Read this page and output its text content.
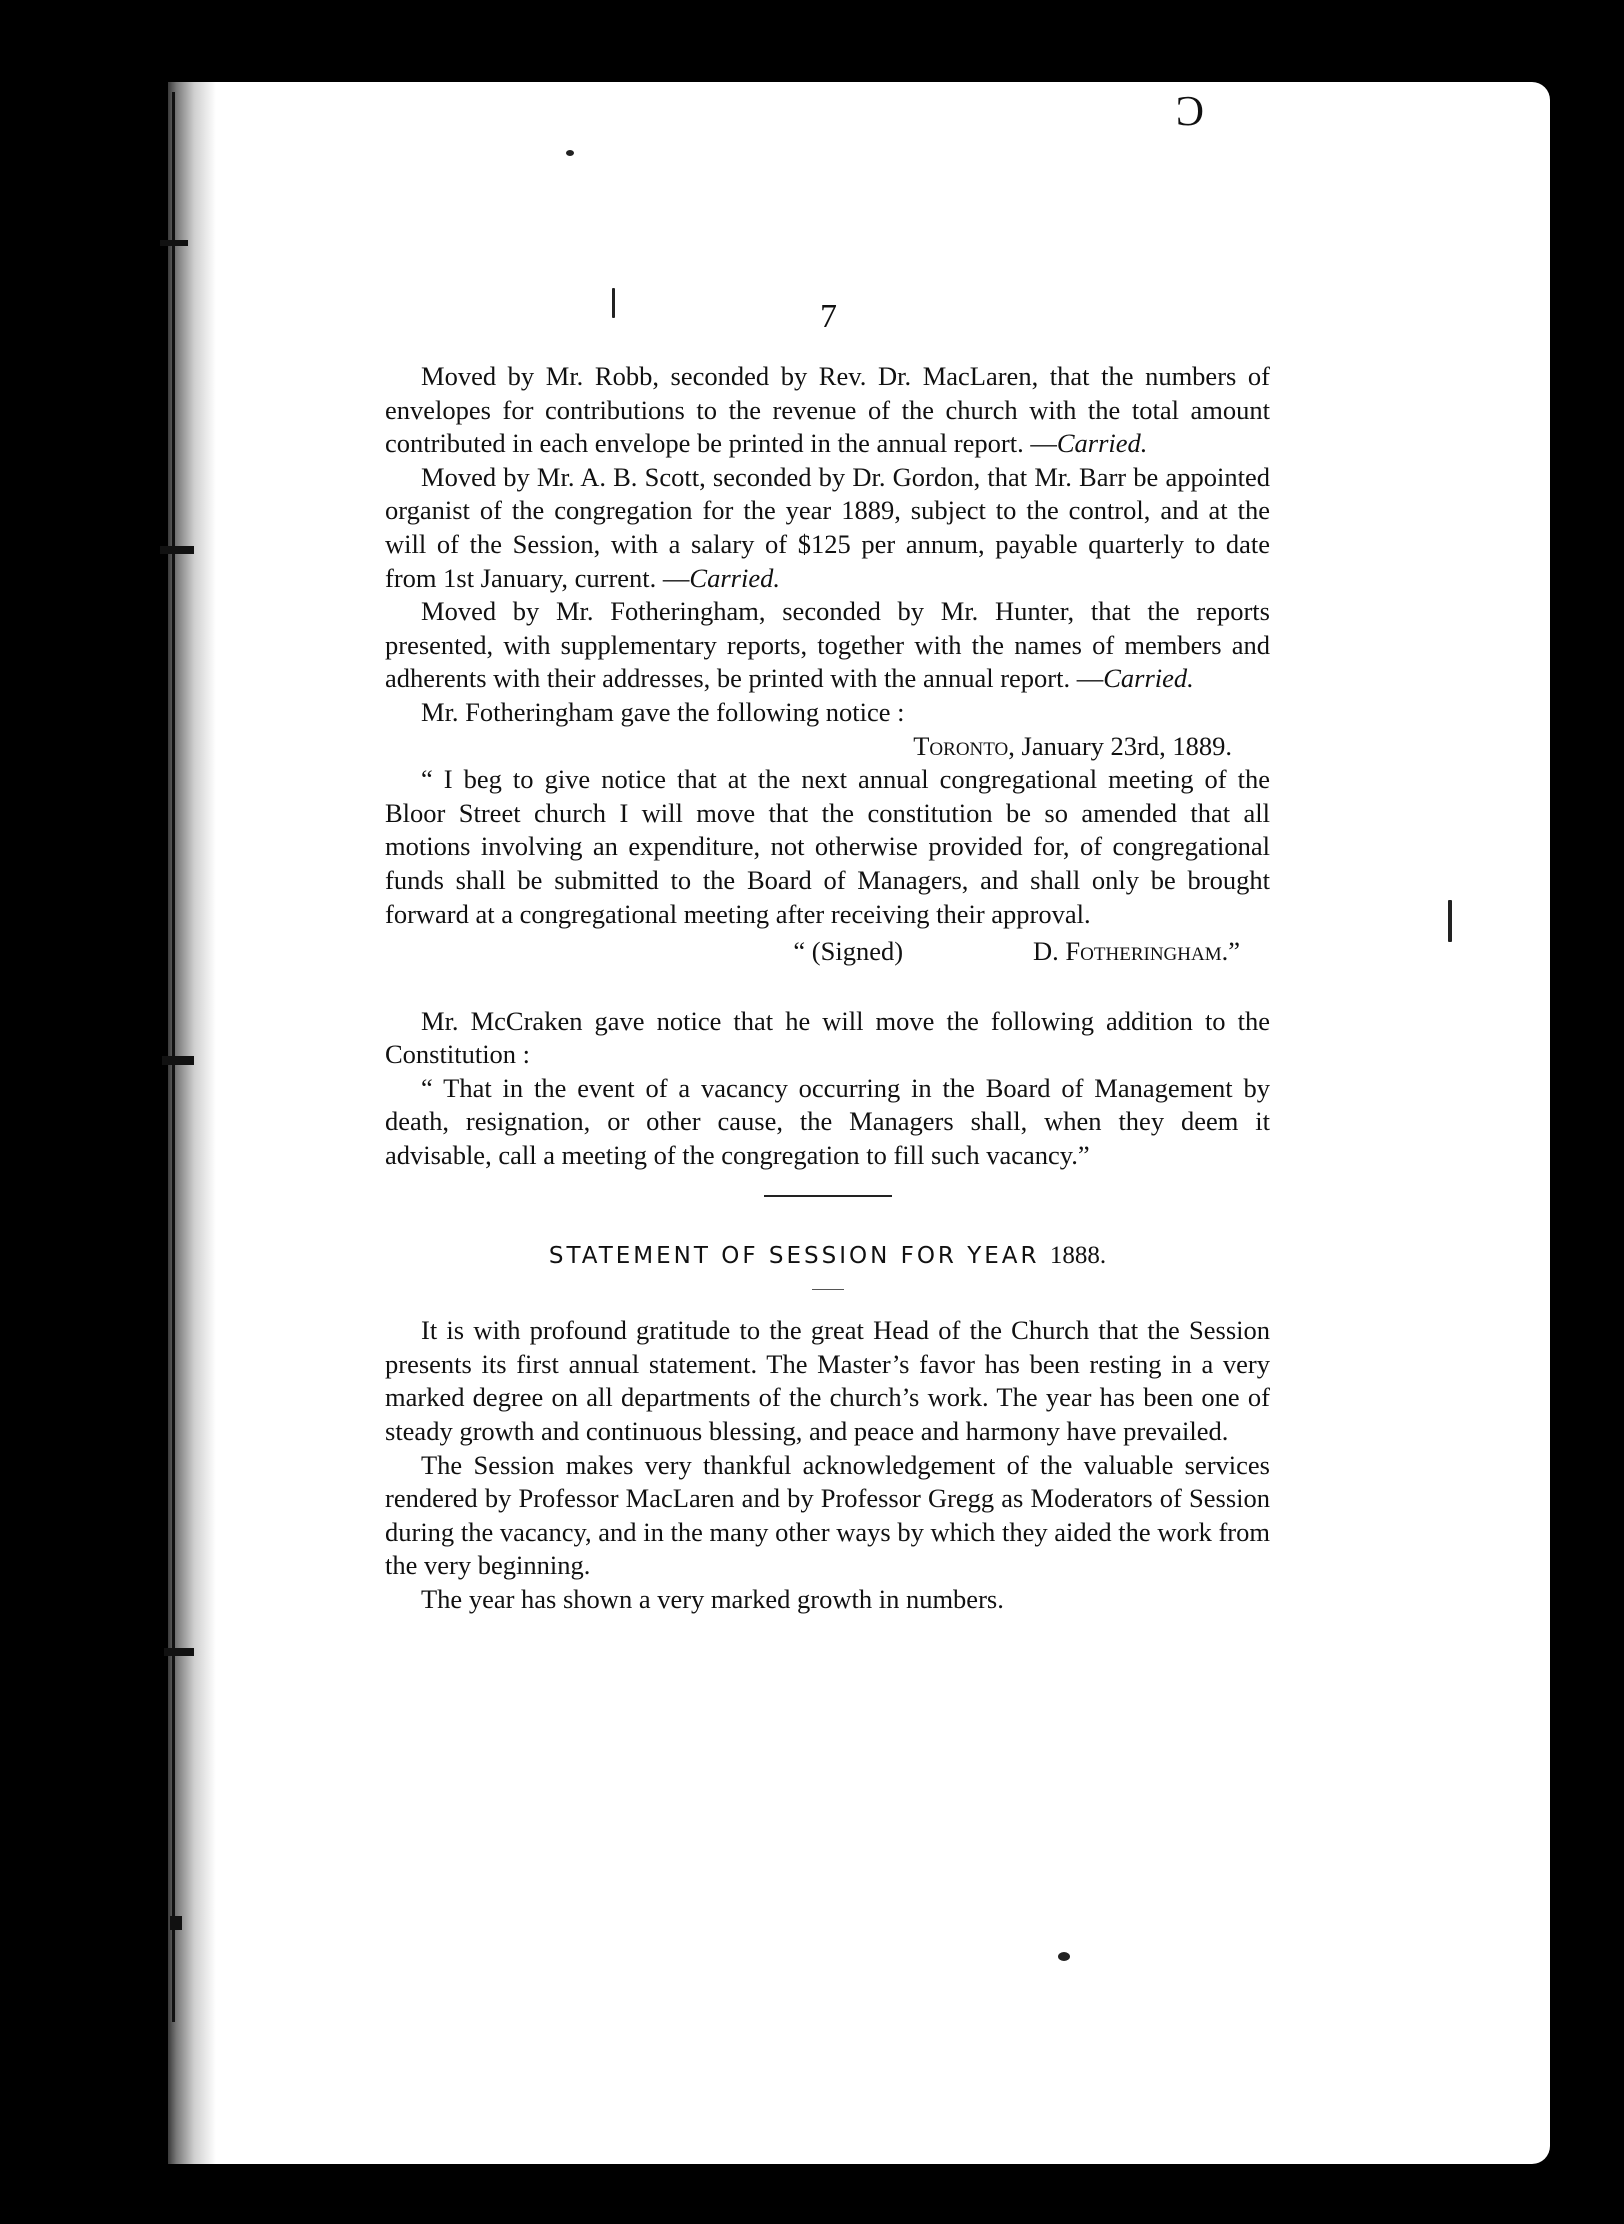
Ͻ
7

Moved by Mr. Robb, seconded by Rev. Dr. MacLaren, that the numbers of envelopes for contributions to the revenue of the church with the total amount contributed in each envelope be printed in the annual report. —Carried.

Moved by Mr. A. B. Scott, seconded by Dr. Gordon, that Mr. Barr be appointed organist of the congregation for the year 1889, subject to the control, and at the will of the Session, with a salary of $125 per annum, payable quarterly to date from 1st January, current. —Carried.

Moved by Mr. Fotheringham, seconded by Mr. Hunter, that the reports presented, with supplementary reports, together with the names of members and adherents with their addresses, be printed with the annual report. —Carried.

Mr. Fotheringham gave the following notice :

Toronto, January 23rd, 1889.

“ I beg to give notice that at the next annual congregational meeting of the Bloor Street church I will move that the constitution be so amended that all motions involving an expenditure, not otherwise provided for, of congregational funds shall be submitted to the Board of Managers, and shall only be brought forward at a congregational meeting after receiving their approval.

“ (Signed)	D. Fotheringham.”

Mr. McCraken gave notice that he will move the following addition to the Constitution :

“ That in the event of a vacancy occurring in the Board of Management by death, resignation, or other cause, the Managers shall, when they deem it advisable, call a meeting of the congregation to fill such vacancy.”

STATEMENT OF SESSION FOR YEAR 1888.

It is with profound gratitude to the great Head of the Church that the Session presents its first annual statement. The Master’s favor has been resting in a very marked degree on all departments of the church’s work. The year has been one of steady growth and continuous blessing, and peace and harmony have prevailed.

The Session makes very thankful acknowledgement of the valuable services rendered by Professor MacLaren and by Professor Gregg as Moderators of Session during the vacancy, and in the many other ways by which they aided the work from the very beginning.

The year has shown a very marked growth in numbers.
